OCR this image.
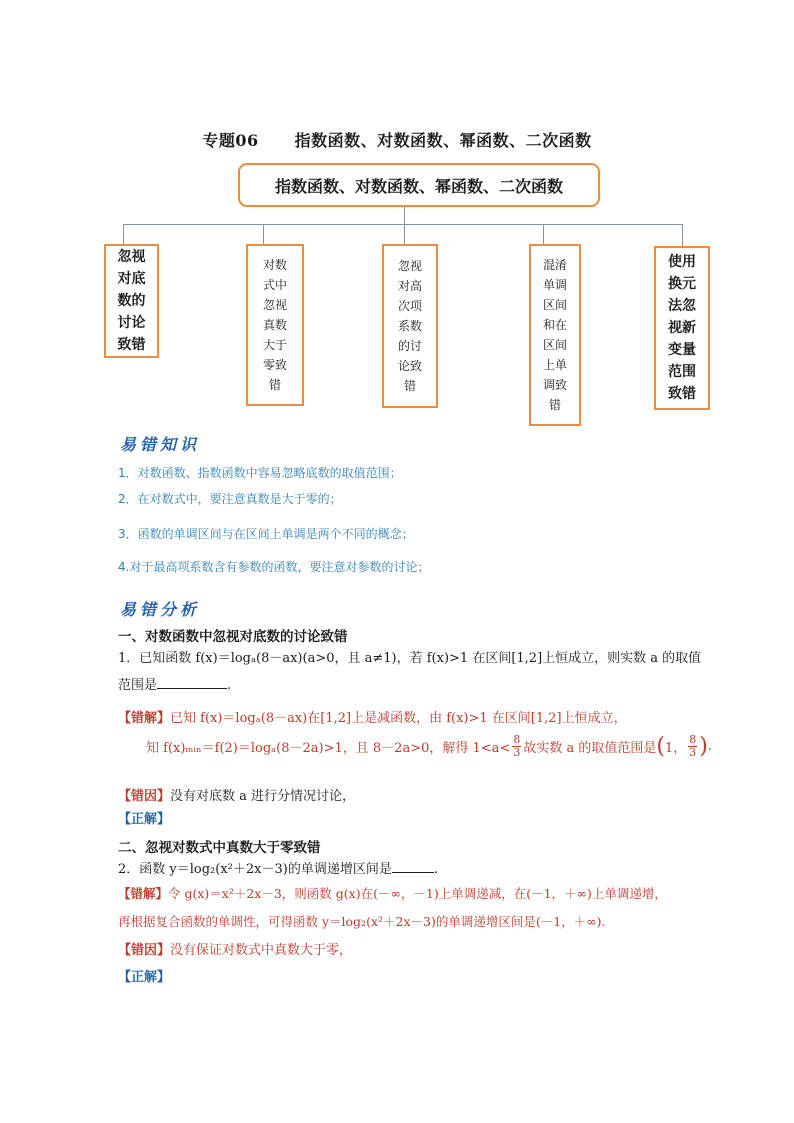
专题06 指数函数、对数函数、幂函数、二次函数
指数函数、对数函数、幂函数、二次函数
忽视对底数的讨论致错
对数式中忽视真数大于零致错
忽视对高次项系数的讨论致错
混淆单调区间和在区间上单调致错
使用换元法忽视新变量范围致错
易错知识
1．对数函数、指数函数中容易忽略底数的取值范围；
2．在对数式中，要注意真数是大于零的；
3．函数的单调区间与在区间上单调是两个不同的概念；
4.对于最高项系数含有参数的函数，要注意对参数的讨论；
易错分析
一、对数函数中忽视对底数的讨论致错
1．已知函数 f(x)＝logₐ(8－ax)(a>0，且 a≠1)，若 f(x)>1 在区间[1,2]上恒成立，则实数 a 的取值
范围是	.
【错解】已知 f(x)＝logₐ(8－ax)在[1,2]上是减函数，由 f(x)>1 在区间[1,2]上恒成立，
知 f(x)ₘᵢₙ＝f(2)＝logₐ(8－2a)>1，且 8－2a>0，解得 $1<a< \frac{8}{3}$ 故实数 a 的取值范围是 ( 1， $\frac{8}{3}$ ) .
【错因】没有对底数 a 进行分情况讨论，
【正解】
二、忽视对数式中真数大于零致错
2．函数 y＝log₂(x²＋2x－3)的单调递增区间是	.
【错解】令 g(x)＝x²＋2x－3，则函数 g(x)在(－∞，－1)上单调递减，在(－1，＋∞)上单调递增，
再根据复合函数的单调性，可得函数 y＝log₂(x²＋2x－3)的单调递增区间是(－1，＋∞).
【错因】没有保证对数式中真数大于零，
【正解】
